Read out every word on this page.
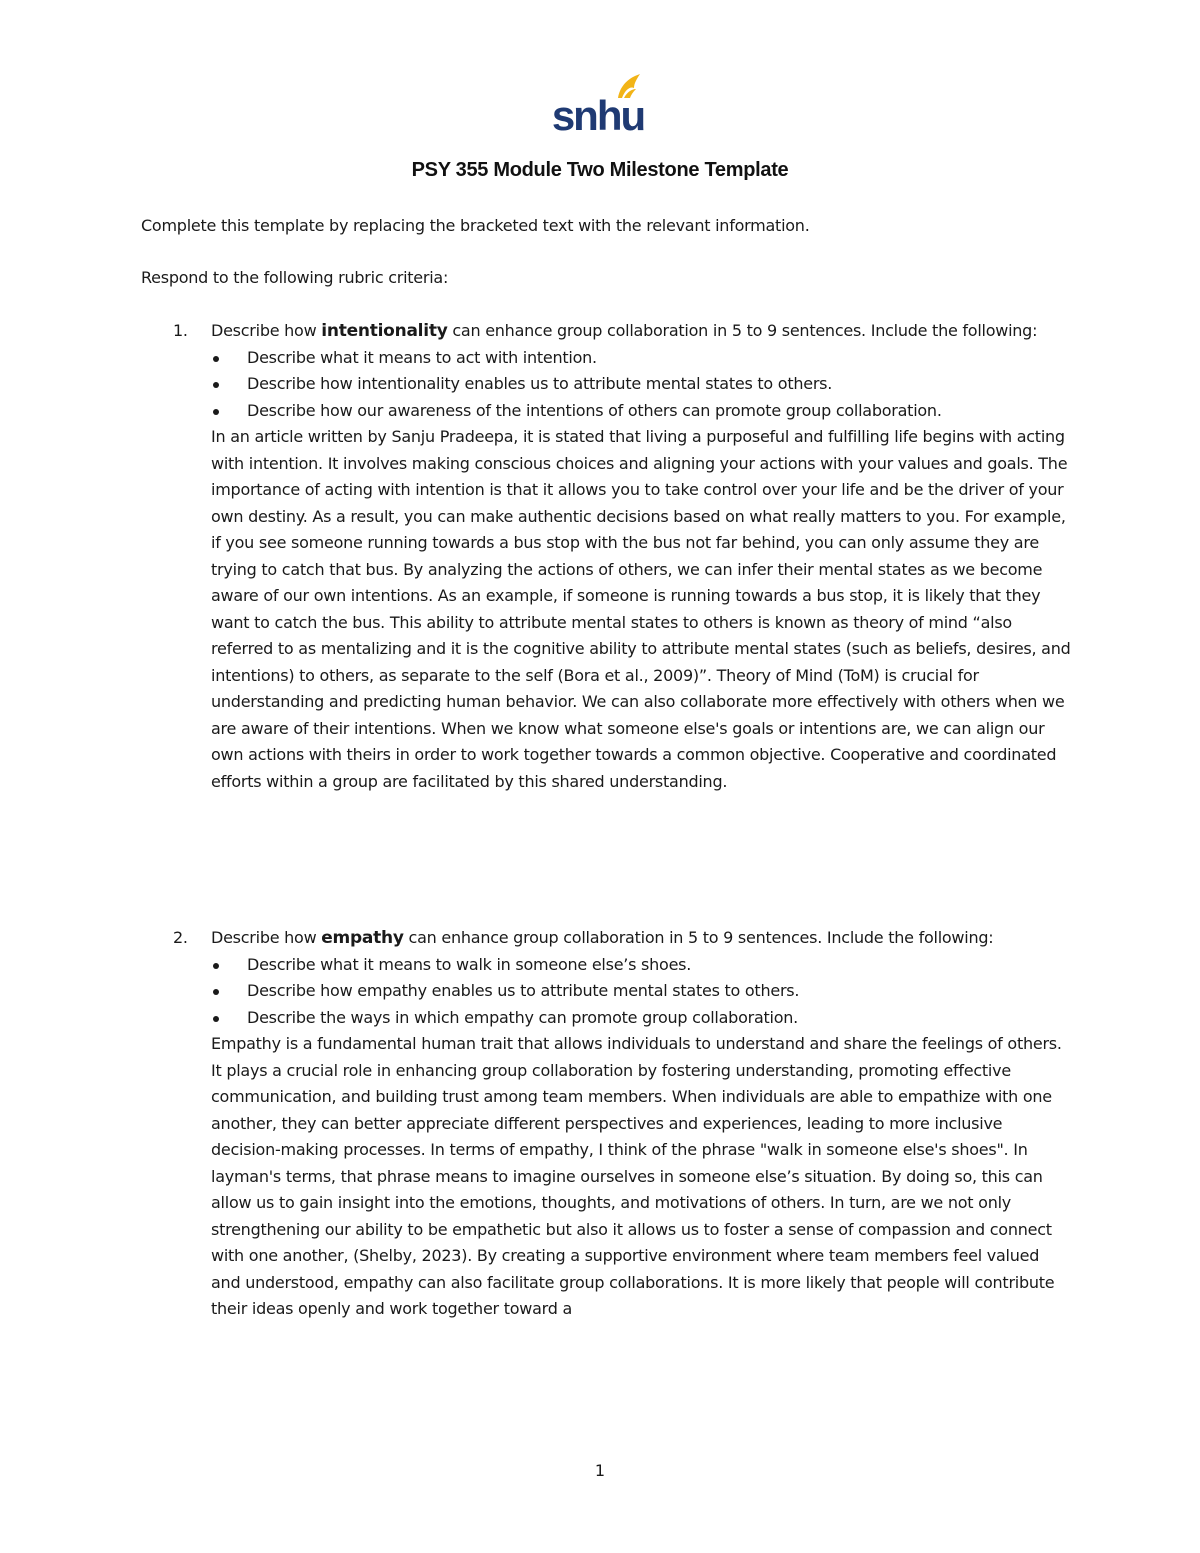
snhu
PSY 355 Module Two Milestone Template
Complete this template by replacing the bracketed text with the relevant information.
Respond to the following rubric criteria:
1. Describe how intentionality can enhance group collaboration in 5 to 9 sentences. Include the following:
Describe what it means to act with intention.
Describe how intentionality enables us to attribute mental states to others.
Describe how our awareness of the intentions of others can promote group collaboration.

In an article written by Sanju Pradeepa, it is stated that living a purposeful and fulfilling life begins with acting with intention. It involves making conscious choices and aligning your actions with your values and goals. The importance of acting with intention is that it allows you to take control over your life and be the driver of your own destiny. As a result, you can make authentic decisions based on what really matters to you. For example, if you see someone running towards a bus stop with the bus not far behind, you can only assume they are trying to catch that bus. By analyzing the actions of others, we can infer their mental states as we become aware of our own intentions. As an example, if someone is running towards a bus stop, it is likely that they want to catch the bus. This ability to attribute mental states to others is known as theory of mind “also referred to as mentalizing and it is the cognitive ability to attribute mental states (such as beliefs, desires, and intentions) to others, as separate to the self (Bora et al., 2009)”. Theory of Mind (ToM) is crucial for understanding and predicting human behavior. We can also collaborate more effectively with others when we are aware of their intentions. When we know what someone else's goals or intentions are, we can align our own actions with theirs in order to work together towards a common objective. Cooperative and coordinated efforts within a group are facilitated by this shared understanding.

2. Describe how empathy can enhance group collaboration in 5 to 9 sentences. Include the following:
Describe what it means to walk in someone else’s shoes.
Describe how empathy enables us to attribute mental states to others.
Describe the ways in which empathy can promote group collaboration.

Empathy is a fundamental human trait that allows individuals to understand and share the feelings of others. It plays a crucial role in enhancing group collaboration by fostering understanding, promoting effective communication, and building trust among team members. When individuals are able to empathize with one another, they can better appreciate different perspectives and experiences, leading to more inclusive decision-making processes. In terms of empathy, I think of the phrase "walk in someone else's shoes". In layman's terms, that phrase means to imagine ourselves in someone else’s situation. By doing so, this can allow us to gain insight into the emotions, thoughts, and motivations of others. In turn, are we not only strengthening our ability to be empathetic but also it allows us to foster a sense of compassion and connect with one another, (Shelby, 2023). By creating a supportive environment where team members feel valued and understood, empathy can also facilitate group collaborations. It is more likely that people will contribute their ideas openly and work together toward a

1
